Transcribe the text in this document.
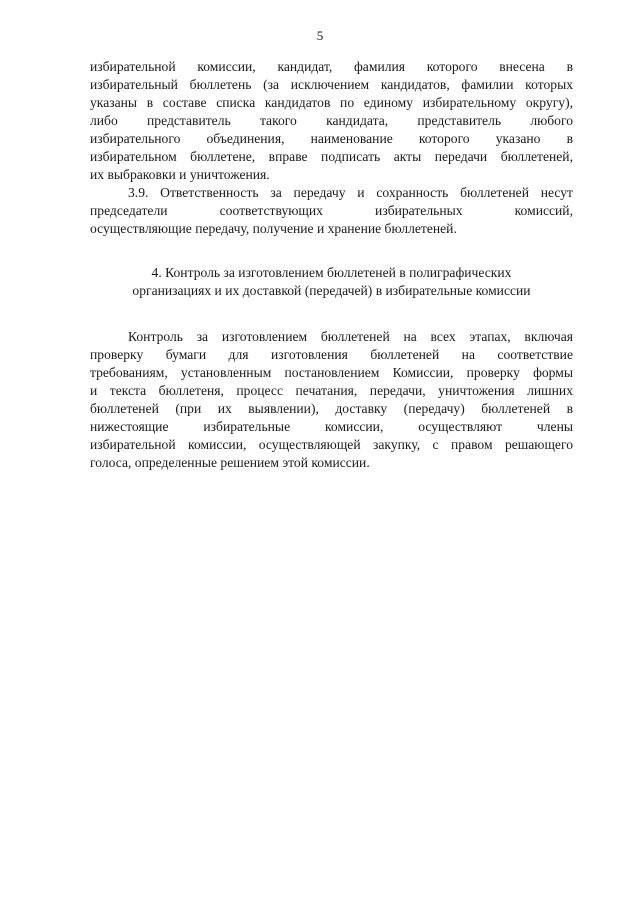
5
избирательной комиссии, кандидат, фамилия которого внесена в
избирательный бюллетень (за исключением кандидатов, фамилии которых
указаны в составе списка кандидатов по единому избирательному округу),
либо представитель такого кандидата, представитель любого
избирательного объединения, наименование которого указано в
избирательном бюллетене, вправе подписать акты передачи бюллетеней,
их выбраковки и уничтожения.
3.9. Ответственность за передачу и сохранность бюллетеней несут
председатели соответствующих избирательных комиссий,
осуществляющие передачу, получение и хранение бюллетеней.
4. Контроль за изготовлением бюллетеней в полиграфических
организациях и их доставкой (передачей) в избирательные комиссии
Контроль за изготовлением бюллетеней на всех этапах, включая
проверку бумаги для изготовления бюллетеней на соответствие
требованиям, установленным постановлением Комиссии, проверку формы
и текста бюллетеня, процесс печатания, передачи, уничтожения лишних
бюллетеней (при их выявлении), доставку (передачу) бюллетеней в
нижестоящие избирательные комиссии, осуществляют члены
избирательной комиссии, осуществляющей закупку, с правом решающего
голоса, определенные решением этой комиссии.
